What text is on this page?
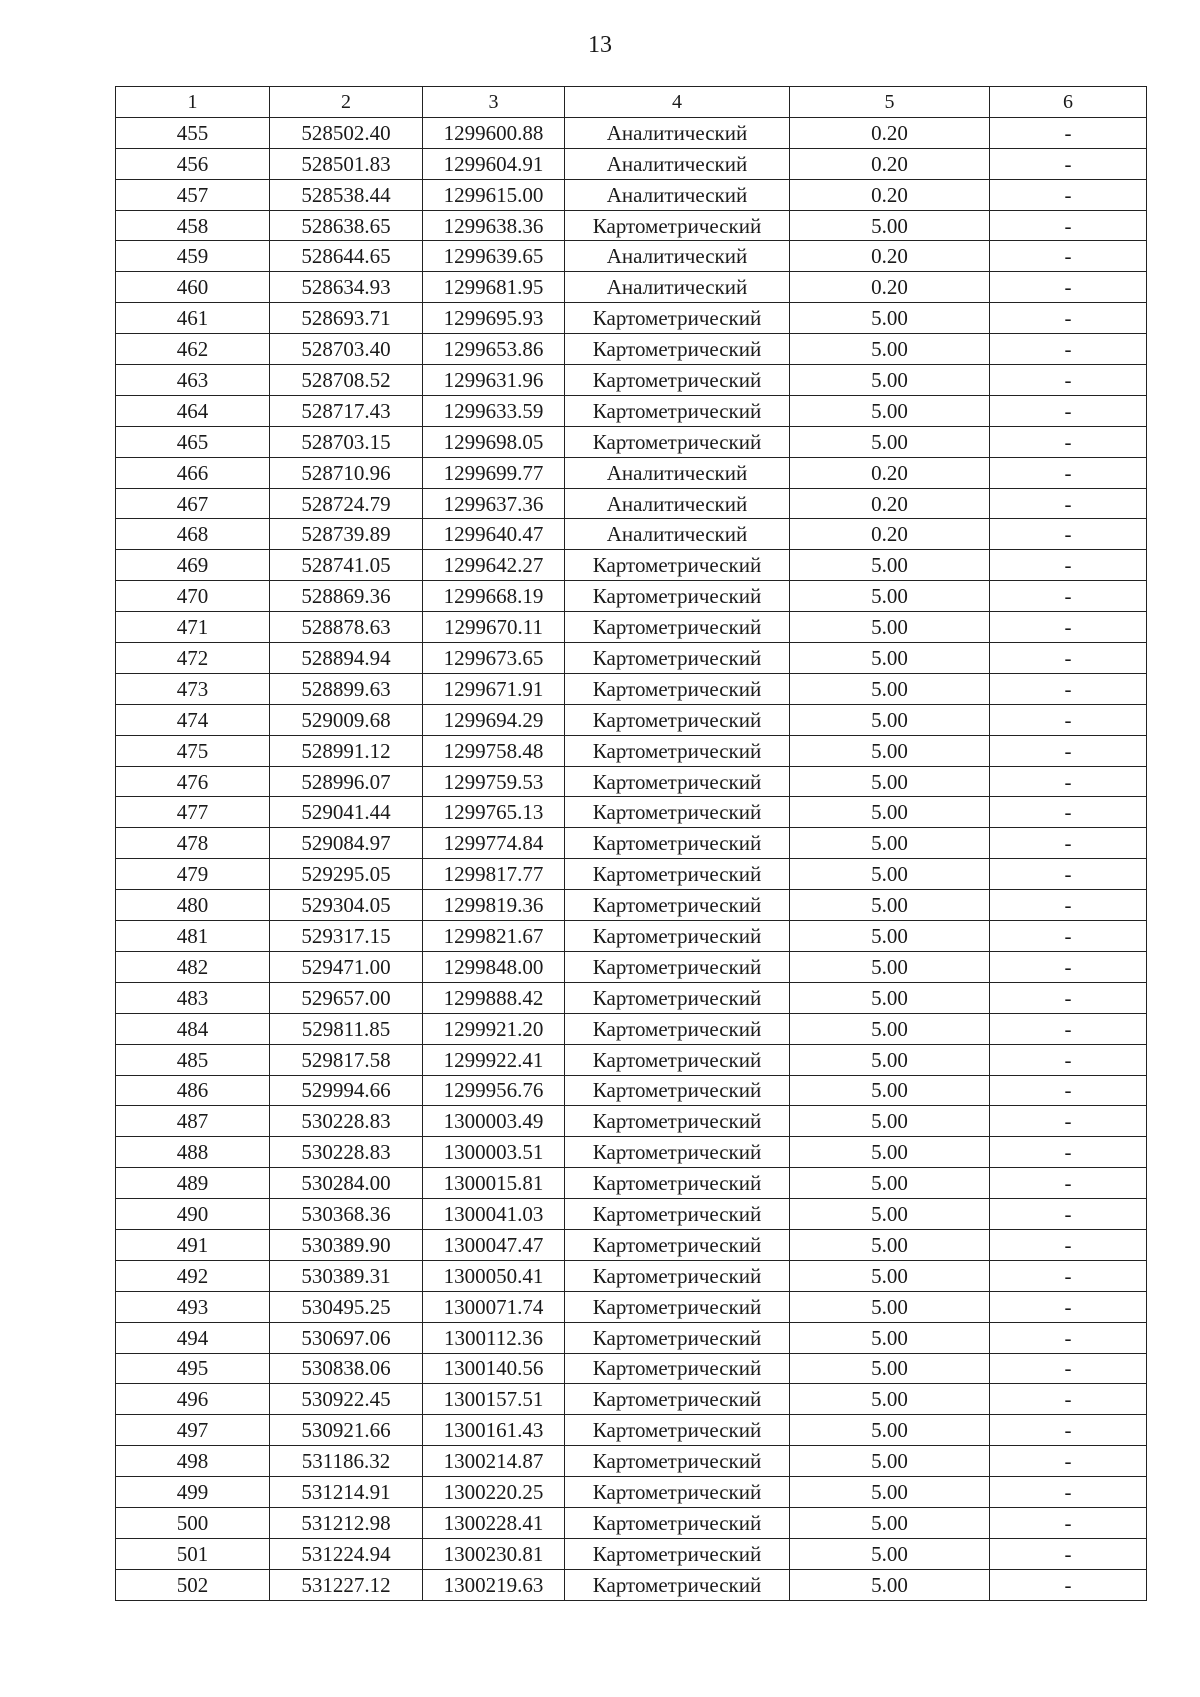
13
1	2	3	4	5	6
455	528502.40	1299600.88	Аналитический	0.20	-
456	528501.83	1299604.91	Аналитический	0.20	-
457	528538.44	1299615.00	Аналитический	0.20	-
458	528638.65	1299638.36	Картометрический	5.00	-
459	528644.65	1299639.65	Аналитический	0.20	-
460	528634.93	1299681.95	Аналитический	0.20	-
461	528693.71	1299695.93	Картометрический	5.00	-
462	528703.40	1299653.86	Картометрический	5.00	-
463	528708.52	1299631.96	Картометрический	5.00	-
464	528717.43	1299633.59	Картометрический	5.00	-
465	528703.15	1299698.05	Картометрический	5.00	-
466	528710.96	1299699.77	Аналитический	0.20	-
467	528724.79	1299637.36	Аналитический	0.20	-
468	528739.89	1299640.47	Аналитический	0.20	-
469	528741.05	1299642.27	Картометрический	5.00	-
470	528869.36	1299668.19	Картометрический	5.00	-
471	528878.63	1299670.11	Картометрический	5.00	-
472	528894.94	1299673.65	Картометрический	5.00	-
473	528899.63	1299671.91	Картометрический	5.00	-
474	529009.68	1299694.29	Картометрический	5.00	-
475	528991.12	1299758.48	Картометрический	5.00	-
476	528996.07	1299759.53	Картометрический	5.00	-
477	529041.44	1299765.13	Картометрический	5.00	-
478	529084.97	1299774.84	Картометрический	5.00	-
479	529295.05	1299817.77	Картометрический	5.00	-
480	529304.05	1299819.36	Картометрический	5.00	-
481	529317.15	1299821.67	Картометрический	5.00	-
482	529471.00	1299848.00	Картометрический	5.00	-
483	529657.00	1299888.42	Картометрический	5.00	-
484	529811.85	1299921.20	Картометрический	5.00	-
485	529817.58	1299922.41	Картометрический	5.00	-
486	529994.66	1299956.76	Картометрический	5.00	-
487	530228.83	1300003.49	Картометрический	5.00	-
488	530228.83	1300003.51	Картометрический	5.00	-
489	530284.00	1300015.81	Картометрический	5.00	-
490	530368.36	1300041.03	Картометрический	5.00	-
491	530389.90	1300047.47	Картометрический	5.00	-
492	530389.31	1300050.41	Картометрический	5.00	-
493	530495.25	1300071.74	Картометрический	5.00	-
494	530697.06	1300112.36	Картометрический	5.00	-
495	530838.06	1300140.56	Картометрический	5.00	-
496	530922.45	1300157.51	Картометрический	5.00	-
497	530921.66	1300161.43	Картометрический	5.00	-
498	531186.32	1300214.87	Картометрический	5.00	-
499	531214.91	1300220.25	Картометрический	5.00	-
500	531212.98	1300228.41	Картометрический	5.00	-
501	531224.94	1300230.81	Картометрический	5.00	-
502	531227.12	1300219.63	Картометрический	5.00	-
